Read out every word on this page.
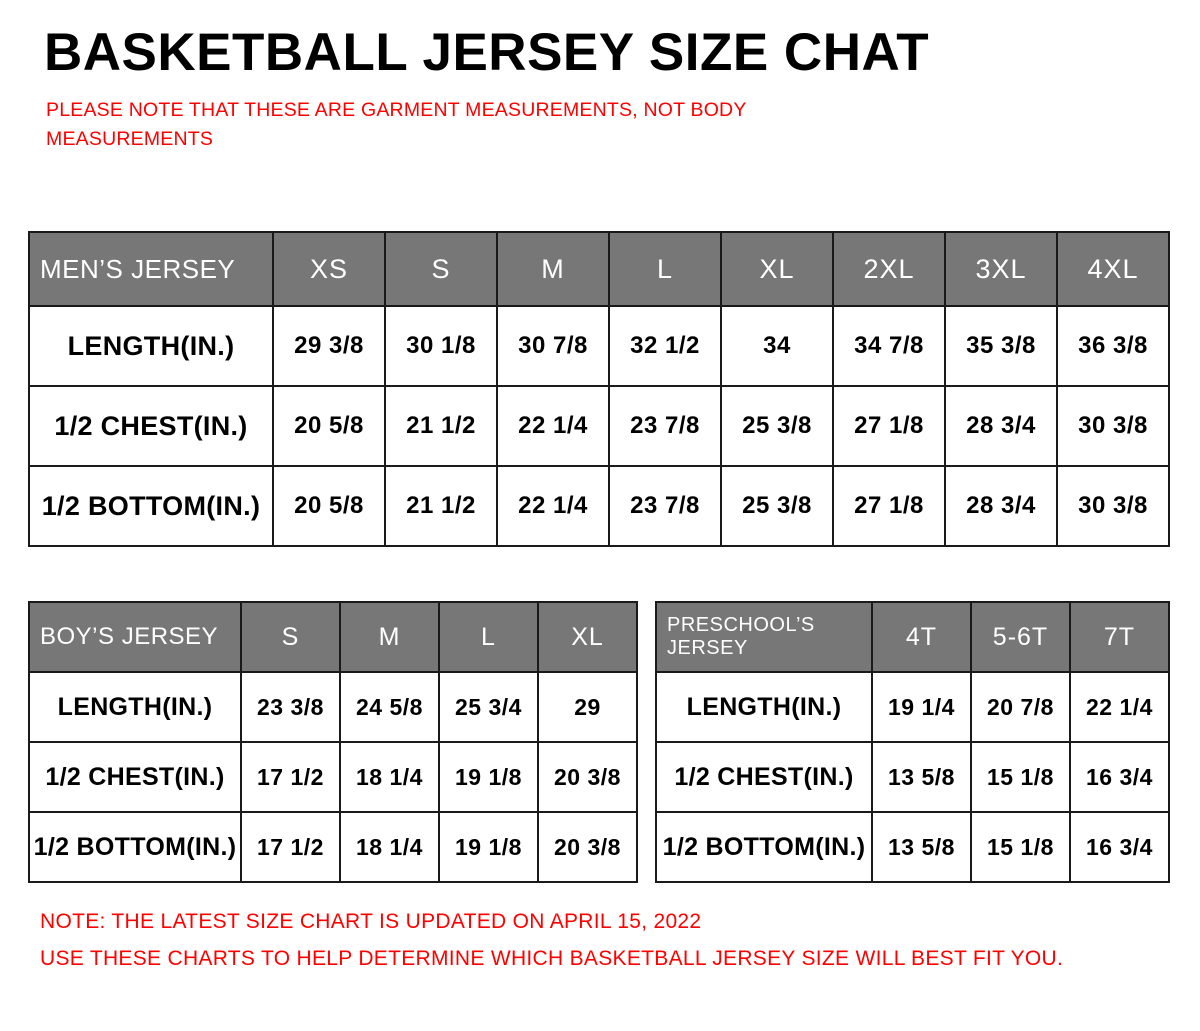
BASKETBALL JERSEY SIZE CHAT

PLEASE NOTE THAT THESE ARE GARMENT MEASUREMENTS, NOT BODY MEASUREMENTS

MEN’S JERSEY	XS	S	M	L	XL	2XL	3XL	4XL
LENGTH(IN.)	29 3/8	30 1/8	30 7/8	32 1/2	34	34 7/8	35 3/8	36 3/8
1/2 CHEST(IN.)	20 5/8	21 1/2	22 1/4	23 7/8	25 3/8	27 1/8	28 3/4	30 3/8
1/2 BOTTOM(IN.)	20 5/8	21 1/2	22 1/4	23 7/8	25 3/8	27 1/8	28 3/4	30 3/8
BOY’S JERSEY	S	M	L	XL
LENGTH(IN.)	23 3/8	24 5/8	25 3/4	29
1/2 CHEST(IN.)	17 1/2	18 1/4	19 1/8	20 3/8
1/2 BOTTOM(IN.)	17 1/2	18 1/4	19 1/8	20 3/8
PRESCHOOL’S JERSEY	4T	5-6T	7T
LENGTH(IN.)	19 1/4	20 7/8	22 1/4
1/2 CHEST(IN.)	13 5/8	15 1/8	16 3/4
1/2 BOTTOM(IN.)	13 5/8	15 1/8	16 3/4
NOTE: THE LATEST SIZE CHART IS UPDATED ON APRIL 15, 2022
USE THESE CHARTS TO HELP DETERMINE WHICH BASKETBALL JERSEY SIZE WILL BEST FIT YOU.
